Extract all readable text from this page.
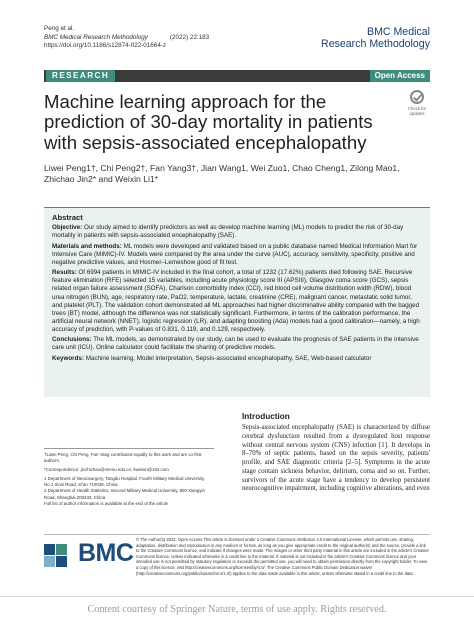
Peng et al.
BMC Medical Research Methodology	(2022) 22:183
https://doi.org/10.1186/s12874-022-01664-z
BMC Medical Research Methodology
RESEARCH	Open Access
Check for updates
Machine learning approach for the prediction of 30-day mortality in patients with sepsis-associated encephalopathy
Liwei Peng1†, Chi Peng2†, Fan Yang3†, Jian Wang1, Wei Zuo1, Chao Cheng1, Zilong Mao1, Zhichao Jin2* and Weixin Li1*
Abstract

Objective: Our study aimed to identify predictors as well as develop machine learning (ML) models to predict the risk of 30-day mortality in patients with sepsis-associated encephalopathy (SAE).

Materials and methods: ML models were developed and validated based on a public database named Medical Information Mart for Intensive Care (MIMIC)-IV. Models were compared by the area under the curve (AUC), accuracy, sensitivity, specificity, positive and negative predictive values, and Hosmer–Lemeshow good of fit test.

Results: Of 6994 patients in MIMIC-IV included in the final cohort, a total of 1232 (17.62%) patients died following SAE. Recursive feature elimination (RFE) selected 15 variables, including acute physiology score III (APSIII), Glasgow coma score (GCS), sepsis related organ failure assessment (SOFA), Charlson comorbidity index (CCI), red blood cell volume distribution width (RDW), blood urea nitrogen (BUN), age, respiratory rate, PaO2, temperature, lactate, creatinine (CRE), malignant cancer, metastatic solid tumor, and platelet (PLT). The validation cohort demonstrated all ML approaches had higher discriminative ability compared with the bagged trees (BT) model, although the difference was not statistically significant. Furthermore, in terms of the calibration performance, the artificial neural network (NNET), logistic regression (LR), and adapting boosting (Ada) models had a good calibration—namely, a high accuracy of prediction, with P-values of 0.831, 0.119, and 0.129, respectively.

Conclusions: The ML models, as demonstrated by our study, can be used to evaluate the prognosis of SAE patients in the intensive care unit (ICU). Online calculator could facilitate the sharing of predictive models.

Keywords: Machine learning, Model interpretation, Sepsis-associated encephalopathy, SAE, Web-based calculator

†Liwei Peng, Chi Peng, Fan Yang contributed equally to this work and are co-first authors.
*Correspondence: jinzhichao@smmu.edu.cn; liweixin@163.com
1 Department of Neurosurgery, Tangdu Hospital, Fourth Military Medical University, No.1 Xinsi Road, Xi'an 710038, China
2 Department of Health Statistics, Second Military Medical University, 800 Xiangyin Road, Shanghai 200433, China
Full list of author information is available at the end of the article
Introduction
Sepsis-associated encephalopathy (SAE) is characterized by diffuse cerebral dysfunction resulted from a dysregulated host response without central nervous system (CNS) infection [1]. It develops in 8–70% of septic patients, based on the sepsis severity, patients' profile, and SAE diagnostic criteria [2–5]. Symptoms in the acute stage contain sickness behavior, delirium, coma and so on. Further, survivors of the acute stage have a tendency to develop persistent neurocognitive impairment, including cognitive alterations, and even
BMC © The Author(s) 2022. Open Access This article is licensed under a Creative Commons Attribution 4.0 International License, which permits use, sharing, adaptation, distribution and reproduction in any medium or format, as long as you give appropriate credit to the original author(s) and the source, provide a link to the Creative Commons licence, and indicate if changes were made. The images or other third party material in this article are included in the article's Creative Commons licence, unless indicated otherwise in a credit line to the material. If material is not included in the article's Creative Commons licence and your intended use is not permitted by statutory regulation or exceeds the permitted use, you will need to obtain permission directly from the copyright holder. To view a copy of this licence, visit http://creativecommons.org/licenses/by/4.0/. The Creative Commons Public Domain Dedication waiver (http://creativecommons.org/publicdomain/zero/1.0/) applies to the data made available in this article, unless otherwise stated in a credit line to the data.
Content courtesy of Springer Nature, terms of use apply. Rights reserved.
